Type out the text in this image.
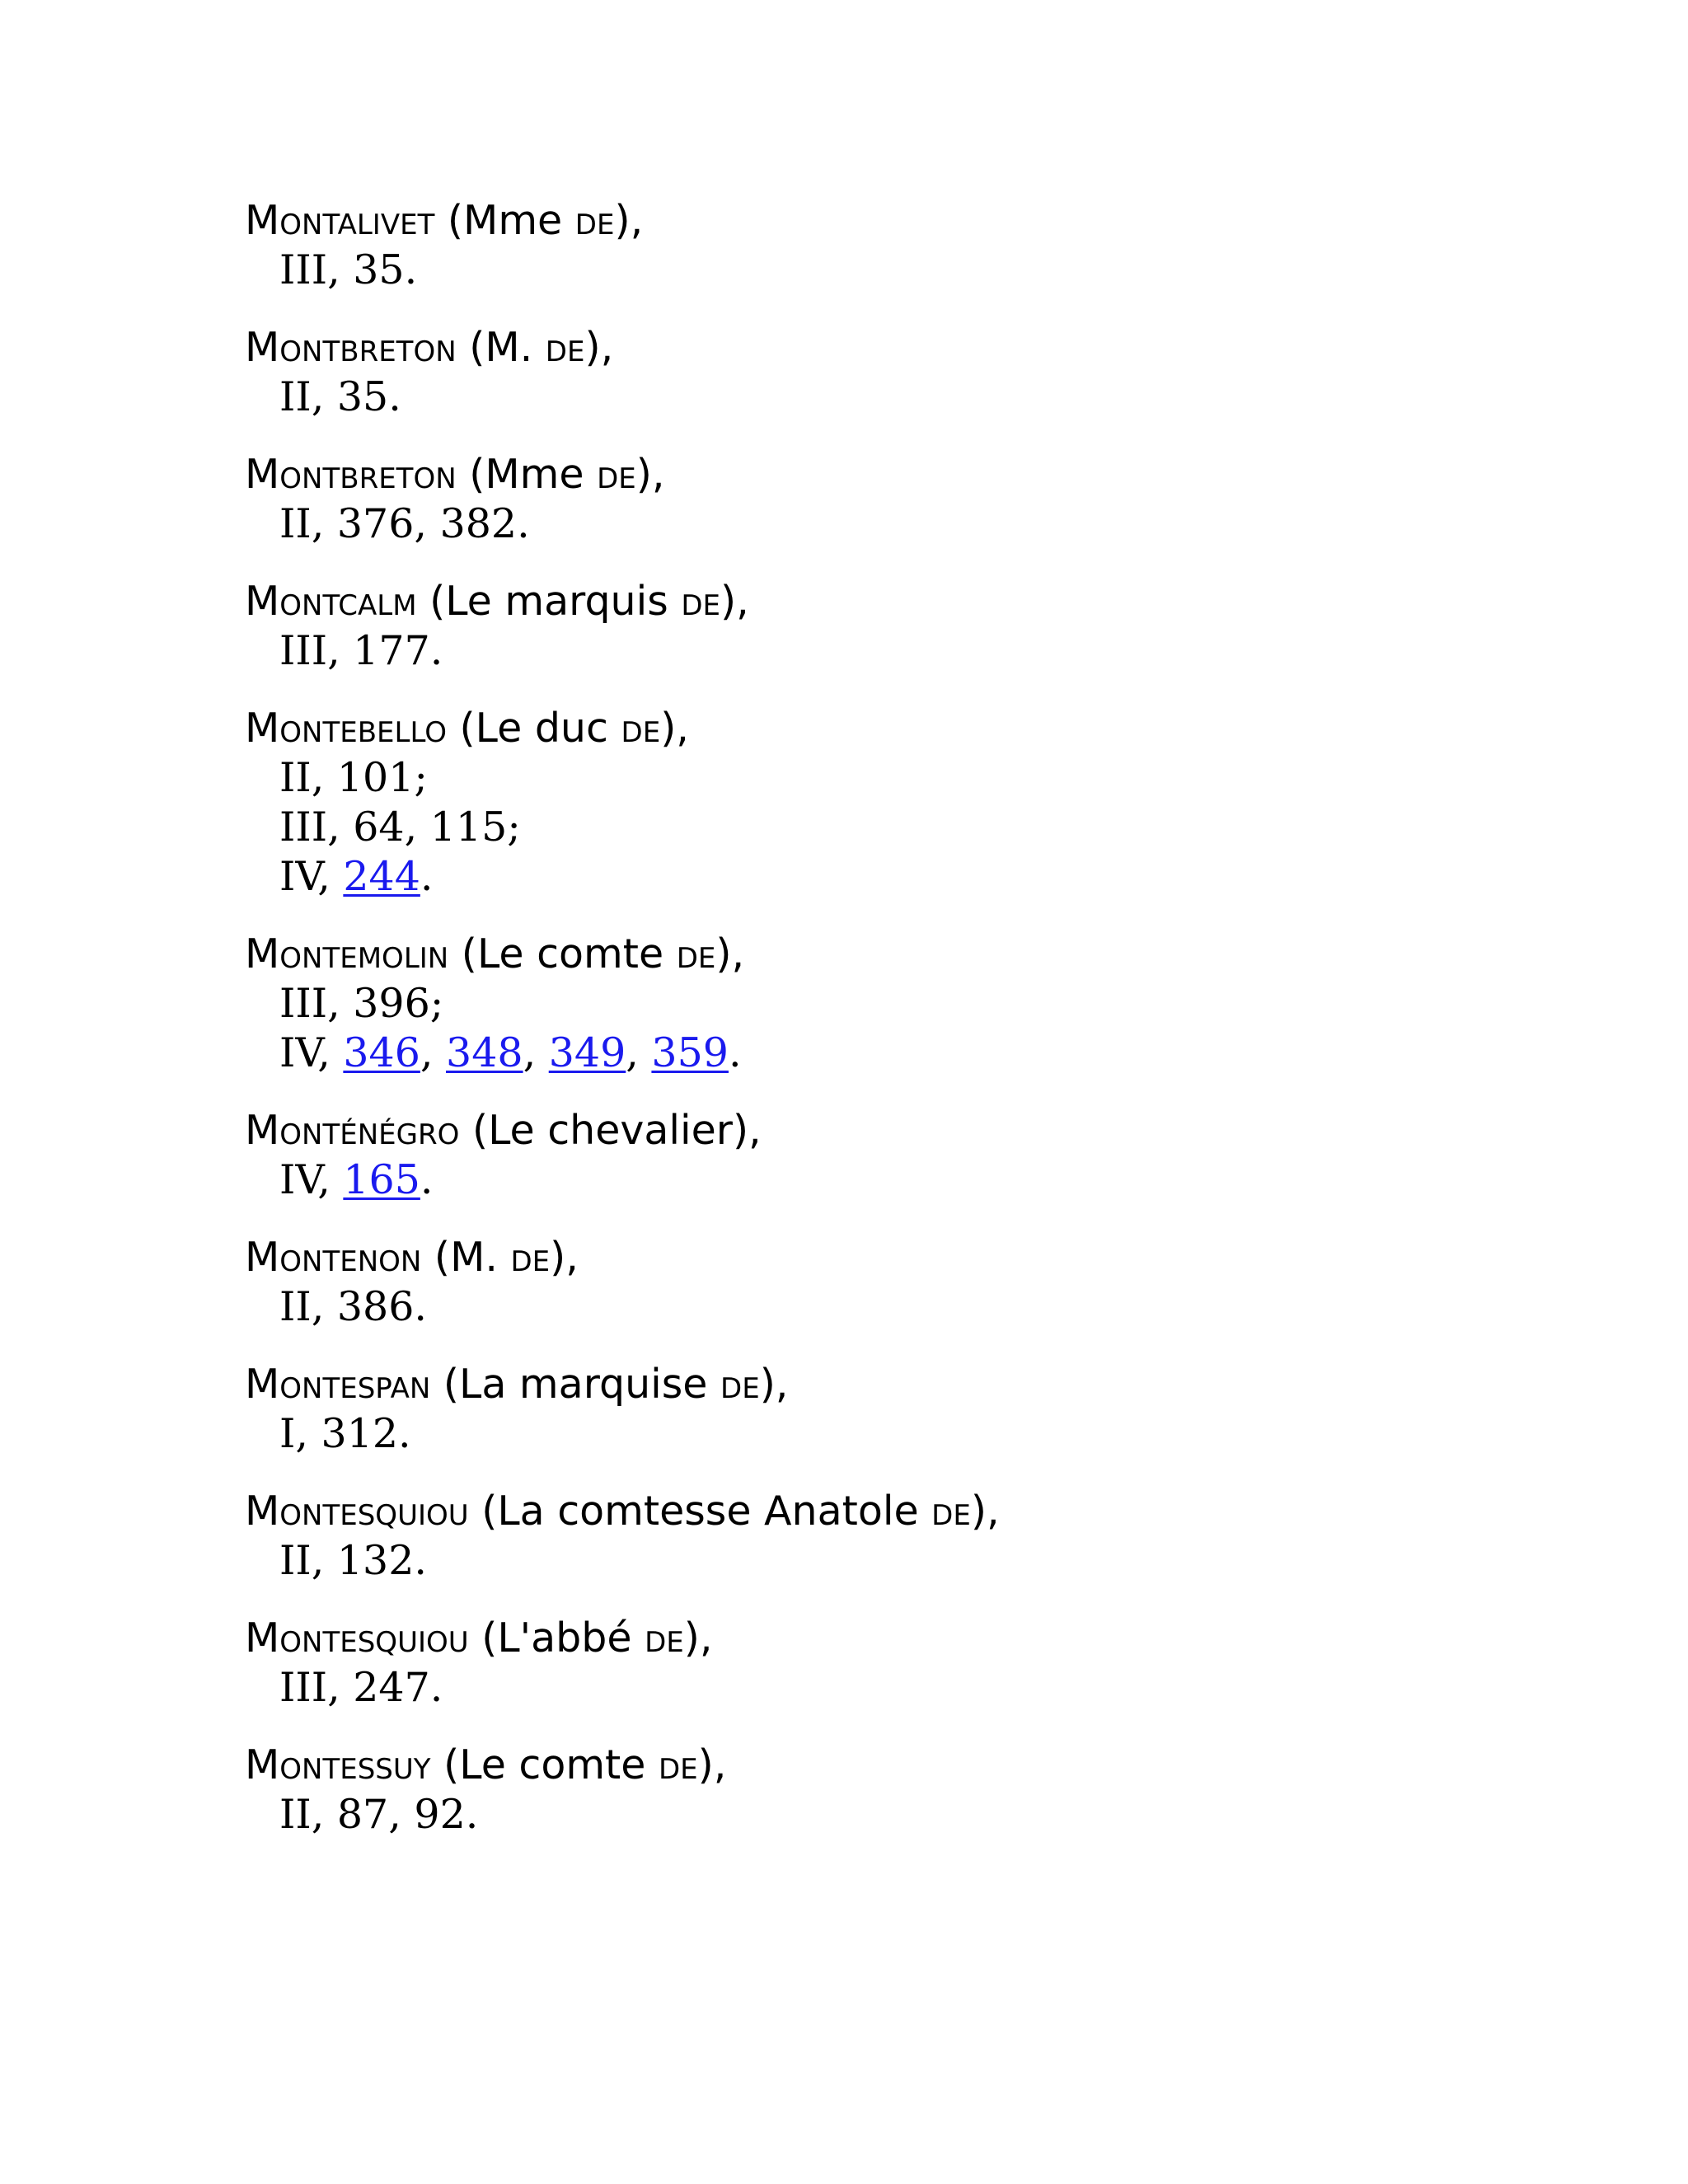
Montalivet (Mme de),
III, 35.
Montbreton (M. de),
II, 35.
Montbreton (Mme de),
II, 376, 382.
Montcalm (Le marquis de),
III, 177.
Montebello (Le duc de),
II, 101;
III, 64, 115;
IV, 244.
Montemolin (Le comte de),
III, 396;
IV, 346, 348, 349, 359.
Monténégro (Le chevalier),
IV, 165.
Montenon (M. de),
II, 386.
Montespan (La marquise de),
I, 312.
Montesquiou (La comtesse Anatole de),
II, 132.
Montesquiou (L'abbé de),
III, 247.
Montessuy (Le comte de),
II, 87, 92.
